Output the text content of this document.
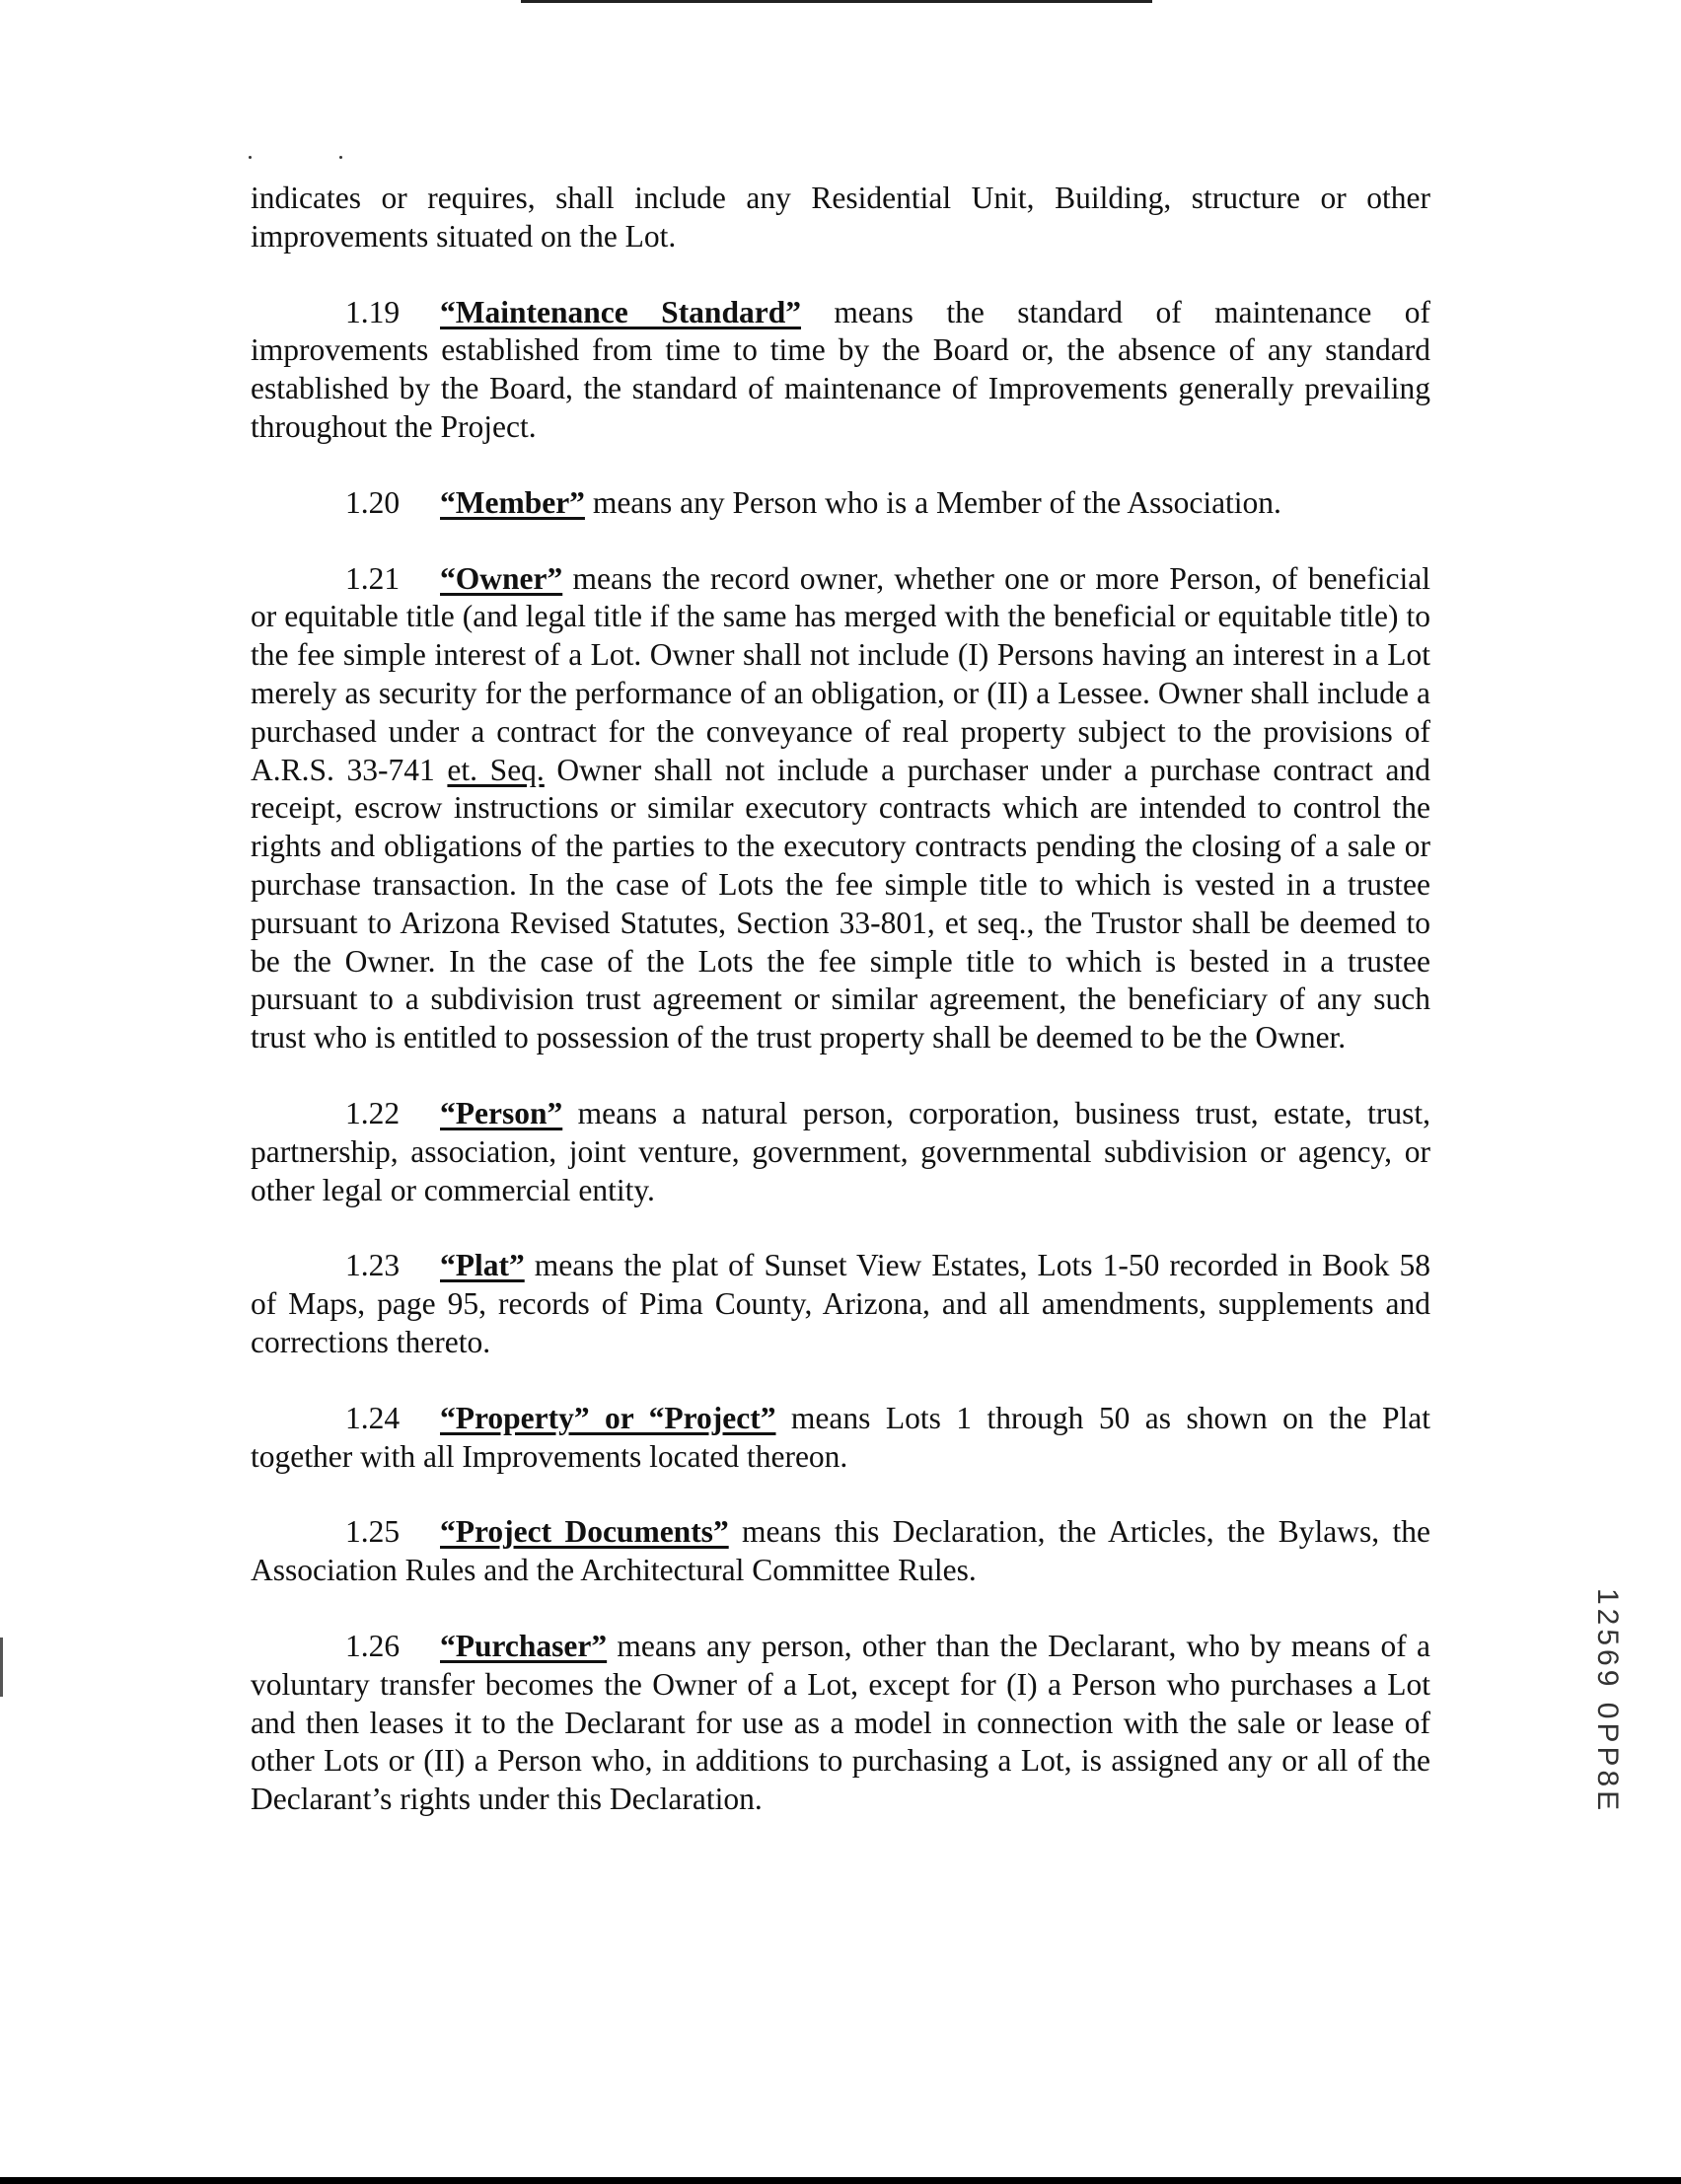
indicates or requires, shall include any Residential Unit, Building, structure or other improvements situated on the Lot.

1.19 “Maintenance Standard” means the standard of maintenance of improvements established from time to time by the Board or, the absence of any standard established by the Board, the standard of maintenance of Improvements generally prevailing throughout the Project.

1.20 “Member” means any Person who is a Member of the Association.

1.21 “Owner” means the record owner, whether one or more Person, of beneficial or equitable title (and legal title if the same has merged with the beneficial or equitable title) to the fee simple interest of a Lot. Owner shall not include (I) Persons having an interest in a Lot merely as security for the performance of an obligation, or (II) a Lessee. Owner shall include a purchased under a contract for the conveyance of real property subject to the provisions of A.R.S. 33-741 et. Seq. Owner shall not include a purchaser under a purchase contract and receipt, escrow instructions or similar executory contracts which are intended to control the rights and obligations of the parties to the executory contracts pending the closing of a sale or purchase transaction. In the case of Lots the fee simple title to which is vested in a trustee pursuant to Arizona Revised Statutes, Section 33-801, et seq., the Trustor shall be deemed to be the Owner. In the case of the Lots the fee simple title to which is bested in a trustee pursuant to a subdivision trust agreement or similar agreement, the beneficiary of any such trust who is entitled to possession of the trust property shall be deemed to be the Owner.

1.22 “Person” means a natural person, corporation, business trust, estate, trust, partnership, association, joint venture, government, governmental subdivision or agency, or other legal or commercial entity.

1.23 “Plat” means the plat of Sunset View Estates, Lots 1-50 recorded in Book 58 of Maps, page 95, records of Pima County, Arizona, and all amendments, supplements and corrections thereto.

1.24 “Property” or “Project” means Lots 1 through 50 as shown on the Plat together with all Improvements located thereon.

1.25 “Project Documents” means this Declaration, the Articles, the Bylaws, the Association Rules and the Architectural Committee Rules.

1.26 “Purchaser” means any person, other than the Declarant, who by means of a voluntary transfer becomes the Owner of a Lot, except for (I) a Person who purchases a Lot and then leases it to the Declarant for use as a model in connection with the sale or lease of other Lots or (II) a Person who, in additions to purchasing a Lot, is assigned any or all of the Declarant’s rights under this Declaration.	12569 0PP8E
